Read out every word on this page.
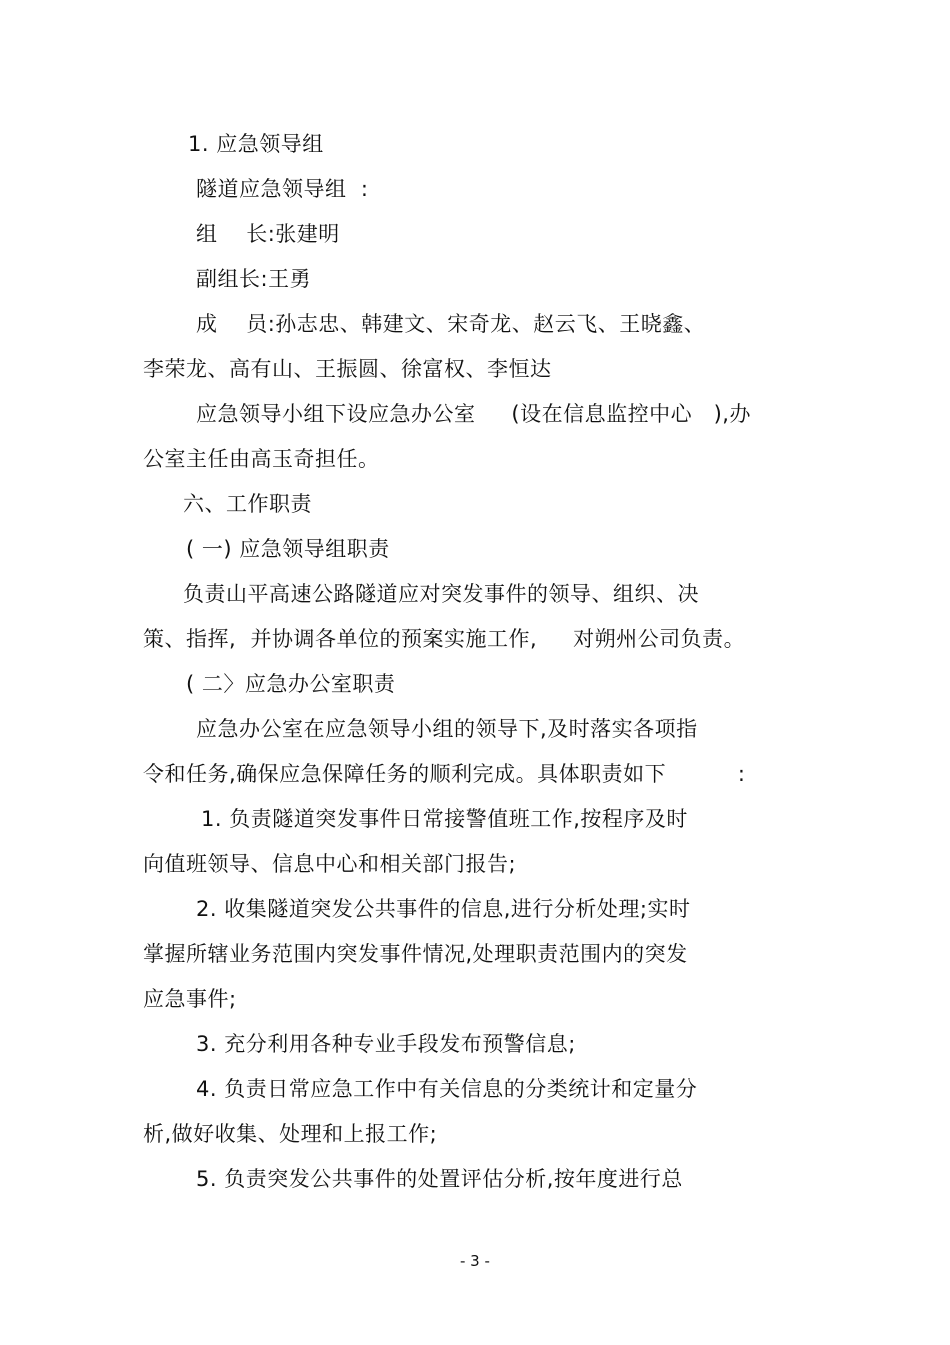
1. 应急领导组
隧道应急领导组  :
组    长:张建明
副组长:王勇
成    员:孙志忠、韩建文、宋奇龙、赵云飞、王晓鑫、
李荣龙、高有山、王振圆、徐富权、李恒达
应急领导小组下设应急办公室     (设在信息监控中心   ),办
公室主任由高玉奇担任。
六、工作职责
( 一) 应急领导组职责
负责山平高速公路隧道应对突发事件的领导、组织、决
策、指挥,  并协调各单位的预案实施工作,     对朔州公司负责。
( 二〉应急办公室职责
应急办公室在应急领导小组的领导下,及时落实各项指
令和任务,确保应急保障任务的顺利完成。具体职责如下          :
1. 负责隧道突发事件日常接警值班工作,按程序及时
向值班领导、信息中心和相关部门报告;
2. 收集隧道突发公共事件的信息,进行分析处理;实时
掌握所辖业务范围内突发事件情况,处理职责范围内的突发
应急事件;
3. 充分利用各种专业手段发布预警信息;
4. 负责日常应急工作中有关信息的分类统计和定量分
析,做好收集、处理和上报工作;
5. 负责突发公共事件的处置评估分析,按年度进行总
- 3 -
